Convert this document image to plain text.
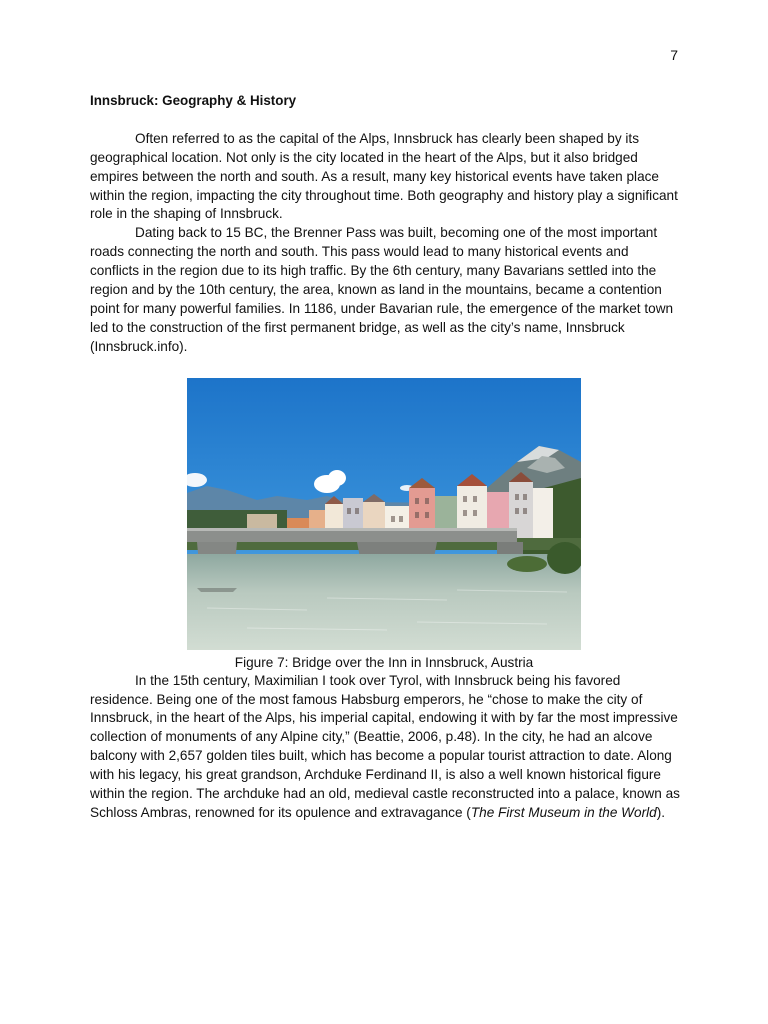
7
Innsbruck: Geography & History

Often referred to as the capital of the Alps, Innsbruck has clearly been shaped by its geographical location. Not only is the city located in the heart of the Alps, but it also bridged empires between the north and south. As a result, many key historical events have taken place within the region, impacting the city throughout time. Both geography and history play a significant role in the shaping of Innsbruck.

Dating back to 15 BC, the Brenner Pass was built, becoming one of the most important roads connecting the north and south. This pass would lead to many historical events and conflicts in the region due to its high traffic. By the 6th century, many Bavarians settled into the region and by the 10th century, the area, known as land in the mountains, became a contention point for many powerful families. In 1186, under Bavarian rule, the emergence of the market town led to the construction of the first permanent bridge, as well as the city’s name, Innsbruck (Innsbruck.info).

Figure 7: Bridge over the Inn in Innsbruck, Austria

In the 15th century, Maximilian I took over Tyrol, with Innsbruck being his favored residence. Being one of the most famous Habsburg emperors, he “chose to make the city of Innsbruck, in the heart of the Alps, his imperial capital, endowing it with by far the most impressive collection of monuments of any Alpine city,” (Beattie, 2006, p.48). In the city, he had an alcove balcony with 2,657 golden tiles built, which has become a popular tourist attraction to date. Along with his legacy, his great grandson, Archduke Ferdinand II, is also a well known historical figure within the region. The archduke had an old, medieval castle reconstructed into a palace, known as Schloss Ambras, renowned for its opulence and extravagance (The First Museum in the World).
